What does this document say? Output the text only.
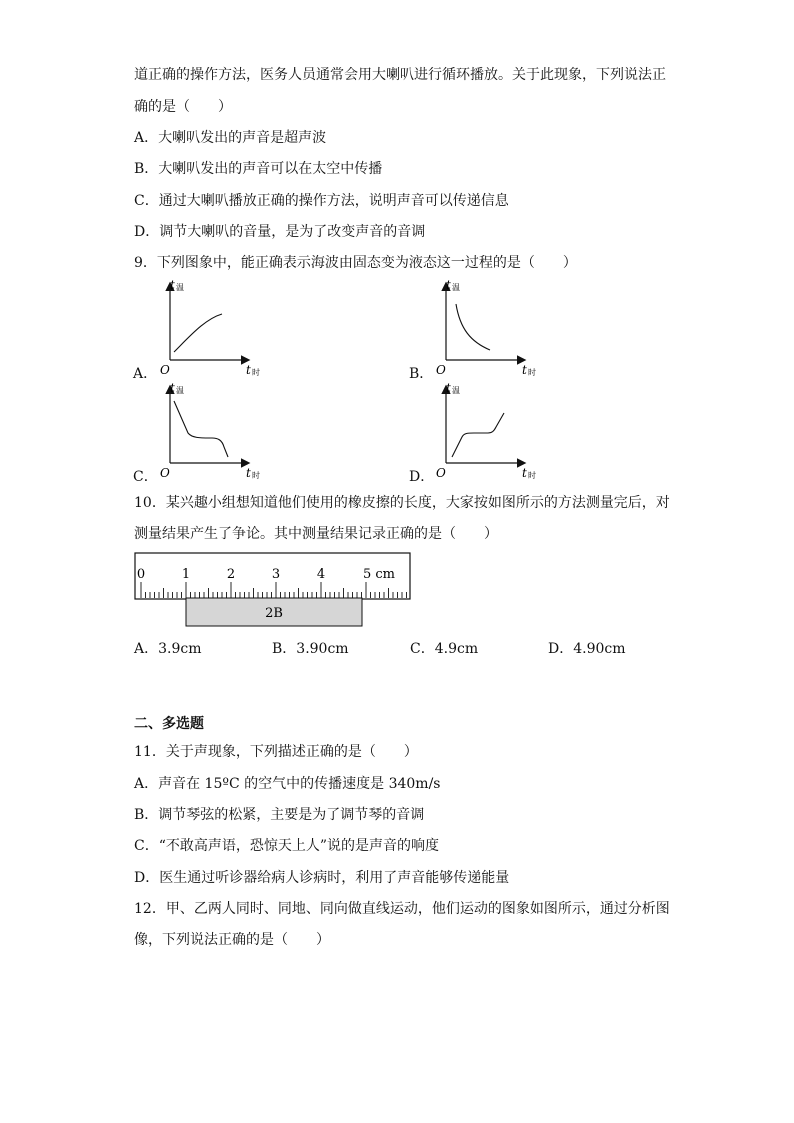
道正确的操作方法，医务人员通常会用大喇叭进行循环播放。关于此现象，下列说法正
确的是（　　）
A．大喇叭发出的声音是超声波
B．大喇叭发出的声音可以在太空中传播
C．通过大喇叭播放正确的操作方法，说明声音可以传递信息
D．调节大喇叭的音量，是为了改变声音的音调
9．下列图象中，能正确表示海波由固态变为液态这一过程的是（　　）
A．	B．
C．	D．
O
t 温
t 时	O
t 温
t 时
O
t 温
t 时	O
t 温
t 时
10．某兴趣小组想知道他们使用的橡皮擦的长度，大家按如图所示的方法测量完后，对
测量结果产生了争论。其中测量结果记录正确的是（　　）
0	1	2	3	4	5 cm
2B
A．3.9cm	B．3.90cm	C．4.9cm	D．4.90cm
二、多选题
11．关于声现象，下列描述正确的是（　　）
A．声音在 15ºC 的空气中的传播速度是 340m/s
B．调节琴弦的松紧，主要是为了调节琴的音调
C．“不敢高声语，恐惊天上人”说的是声音的响度
D．医生通过听诊器给病人诊病时，利用了声音能够传递能量
12．甲、乙两人同时、同地、同向做直线运动，他们运动的图象如图所示，通过分析图
像，下列说法正确的是（　　）
